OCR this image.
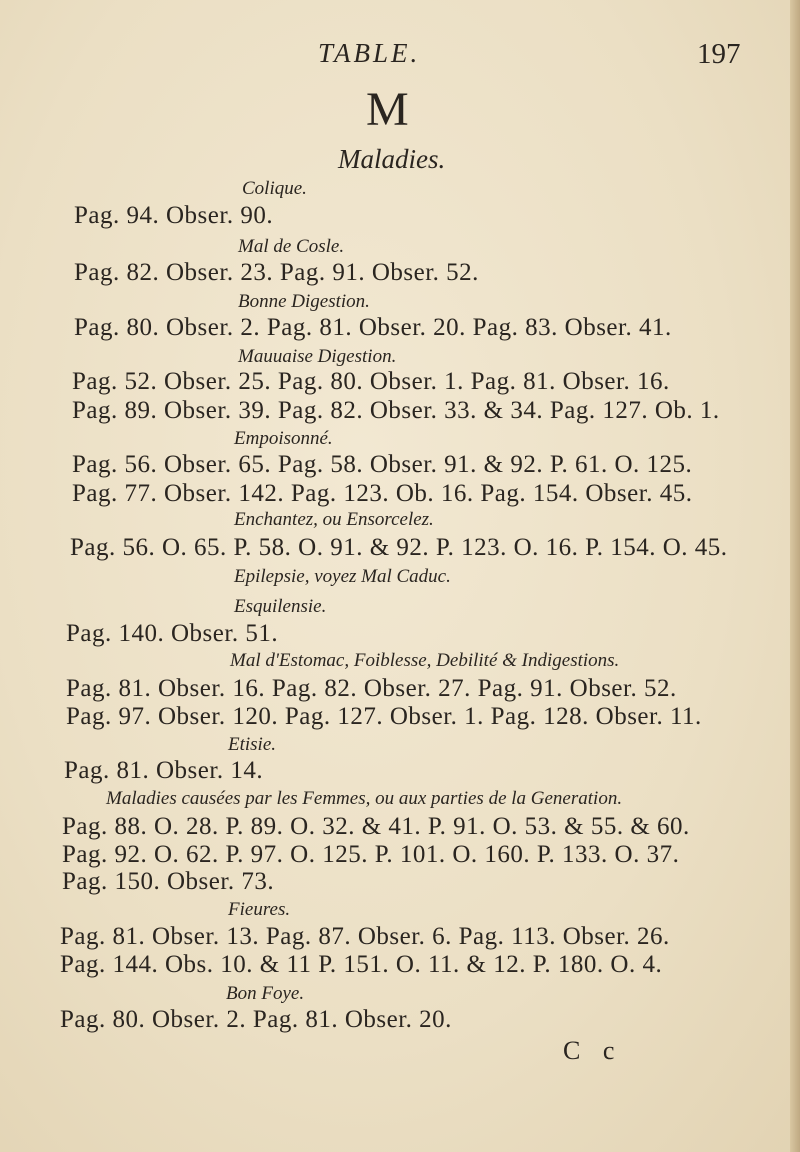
TABLE.	197
M
Maladies.
Colique.
Pag. 94. Obser. 90.
Mal de Cosle.
Pag. 82. Obser. 23. Pag. 91. Obser. 52.
Bonne Digestion.
Pag. 80. Obser. 2. Pag. 81. Obser. 20. Pag. 83. Obser. 41.
Mauuaise Digestion.
Pag. 52. Obser. 25. Pag. 80. Obser. 1. Pag. 81. Obser. 16.
Pag. 89. Obser. 39. Pag. 82. Obser. 33. & 34. Pag. 127. Ob. 1.
Empoisonné.
Pag. 56. Obser. 65. Pag. 58. Obser. 91. & 92. P. 61. O. 125.
Pag. 77. Obser. 142. Pag. 123. Ob. 16. Pag. 154. Obser. 45.
Enchantez, ou Ensorcelez.
Pag. 56. O. 65. P. 58. O. 91. & 92. P. 123. O. 16. P. 154. O. 45.
Epilepsie, voyez Mal Caduc.
Esquilensie.
Pag. 140. Obser. 51.
Mal d'Estomac, Foiblesse, Debilité & Indigestions.
Pag. 81. Obser. 16. Pag. 82. Obser. 27. Pag. 91. Obser. 52.
Pag. 97. Obser. 120. Pag. 127. Obser. 1. Pag. 128. Obser. 11.
Etisie.
Pag. 81. Obser. 14.
Maladies causées par les Femmes, ou aux parties de la Generation.
Pag. 88. O. 28. P. 89. O. 32. & 41. P. 91. O. 53. & 55. & 60.
Pag. 92. O. 62. P. 97. O. 125. P. 101. O. 160. P. 133. O. 37.
Pag. 150. Obser. 73.
Fieures.
Pag. 81. Obser. 13. Pag. 87. Obser. 6. Pag. 113. Obser. 26.
Pag. 144. Obs. 10. & 11 P. 151. O. 11. & 12. P. 180. O. 4.
Bon Foye.
Pag. 80. Obser. 2. Pag. 81. Obser. 20.
C c
